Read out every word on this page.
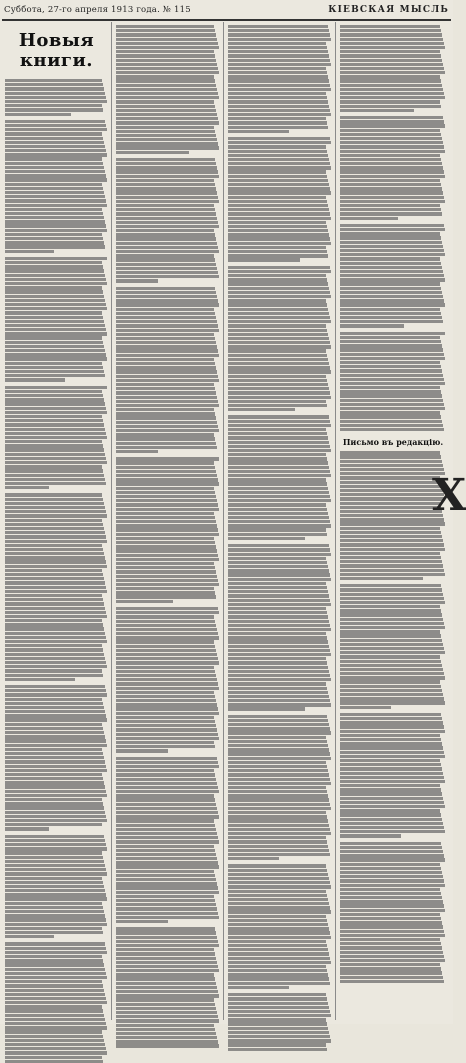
Суббота, 27-го апреля 1913 года. № 115	КIЕВСКАЯ МЫСЛЬ
Новыя книги.
Письмо въ редакцію.
Х
